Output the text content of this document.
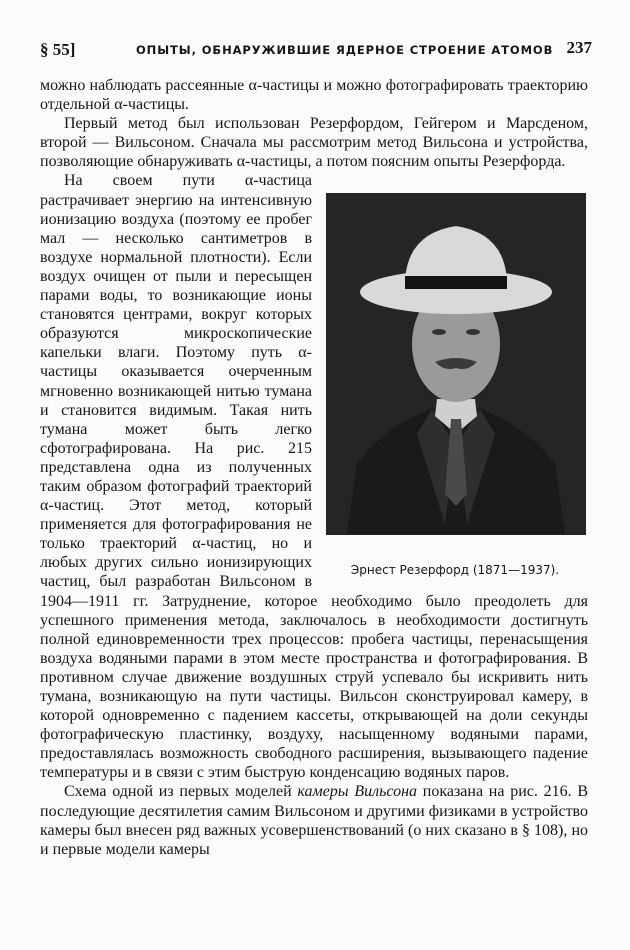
§ 55]	ОПЫТЫ, ОБНАРУЖИВШИЕ ЯДЕРНОЕ СТРОЕНИЕ АТОМОВ 237

можно наблюдать рассеянные α-частицы и можно фотографировать траекторию отдельной α-частицы.

Первый метод был использован Резерфордом, Гейгером и Марсденом, второй — Вильсоном. Сначала мы рассмотрим метод Вильсона и устройства, позволяющие обнаруживать α-частицы, а потом поясним опыты Резерфорда.

Эрнест Резерфорд (1871—1937).

На своем пути α-частица растрачивает энергию на интенсивную ионизацию воздуха (поэтому ее пробег мал — несколько сантиметров в воздухе нормальной плотности). Если воздух очищен от пыли и пересыщен парами воды, то возникающие ионы становятся центрами, вокруг которых образуются микроскопические капельки влаги. Поэтому путь α-частицы оказывается очерченным мгновенно возникающей нитью тумана и становится видимым. Такая нить тумана может быть легко сфотографирована. На рис. 215 представлена одна из полученных таким образом фотографий траекторий α-частиц. Этот метод, который применяется для фотографирования не только траекторий α-частиц, но и любых других сильно ионизирующих частиц, был разработан Вильсоном в 1904—1911 гг. Затруднение, которое необходимо было преодолеть для успешного применения метода, заключалось в необходимости достигнуть полной единовременности трех процессов: пробега частицы, перенасыщения воздуха водяными парами в этом месте пространства и фотографирования. В противном случае движение воздушных струй успевало бы искривить нить тумана, возникающую на пути частицы. Вильсон сконструировал камеру, в которой одновременно с падением кассеты, открывающей на доли секунды фотографическую пластинку, воздуху, насыщенному водяными парами, предоставлялась возможность свободного расширения, вызывающего падение температуры и в связи с этим быструю конденсацию водяных паров.

Схема одной из первых моделей камеры Вильсона показана на рис. 216. В последующие десятилетия самим Вильсоном и другими физиками в устройство камеры был внесен ряд важных усовершенствований (о них сказано в § 108), но и первые модели камеры
